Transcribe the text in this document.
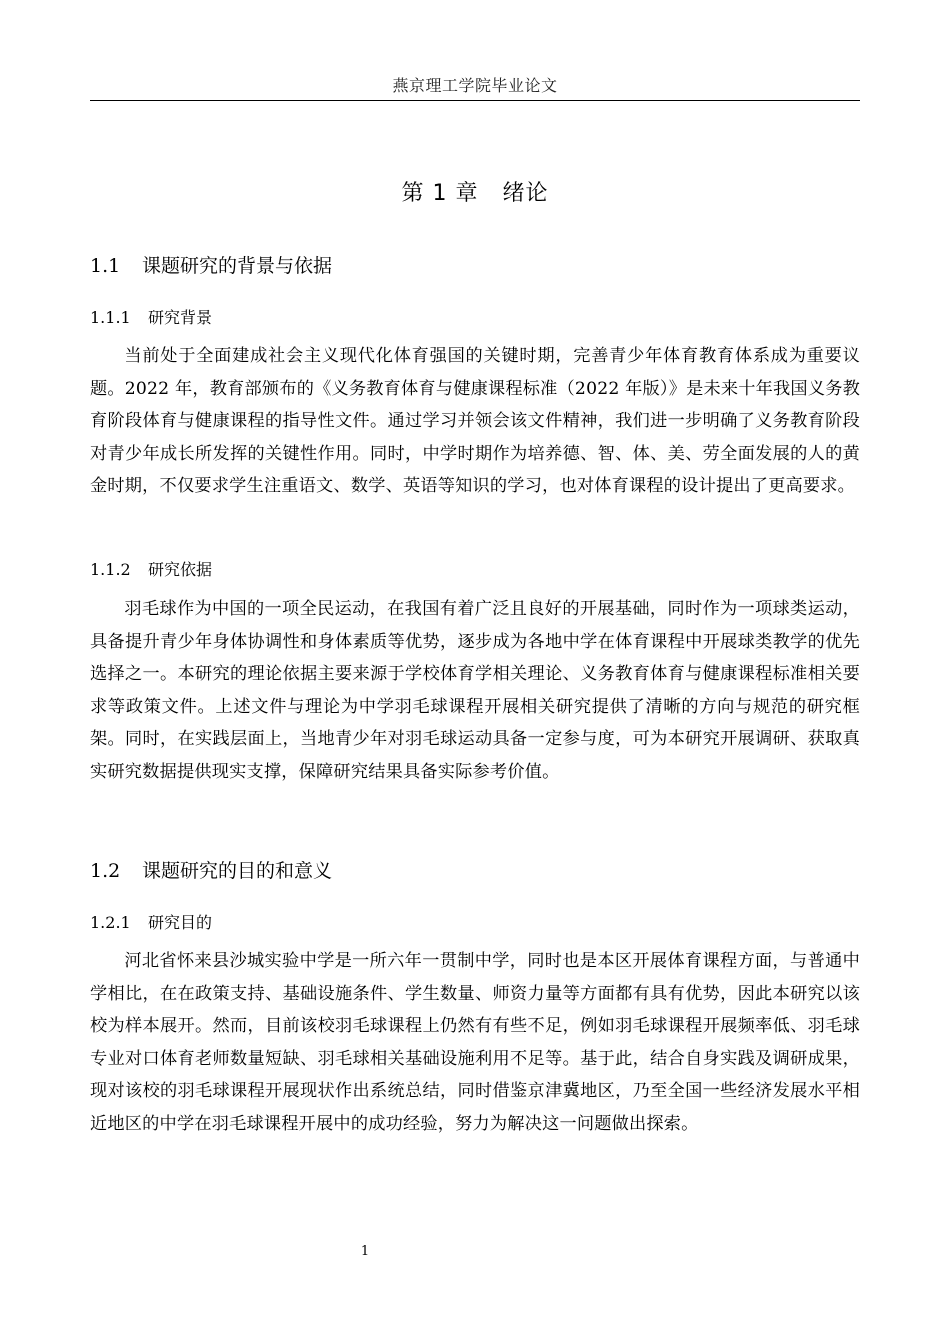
燕京理工学院毕业论文
第 1 章 绪论
1.1 课题研究的背景与依据
1.1.1 研究背景

当前处于全面建成社会主义现代化体育强国的关键时期，完善青少年体育教育体系成为重要议题。2022 年，教育部颁布的《义务教育体育与健康课程标准（2022 年版）》是未来十年我国义务教育阶段体育与健康课程的指导性文件。通过学习并领会该文件精神，我们进一步明确了义务教育阶段对青少年成长所发挥的关键性作用。同时，中学时期作为培养德、智、体、美、劳全面发展的人的黄金时期，不仅要求学生注重语文、数学、英语等知识的学习，也对体育课程的设计提出了更高要求。

1.1.2 研究依据

羽毛球作为中国的一项全民运动，在我国有着广泛且良好的开展基础，同时作为一项球类运动，具备提升青少年身体协调性和身体素质等优势，逐步成为各地中学在体育课程中开展球类教学的优先选择之一。本研究的理论依据主要来源于学校体育学相关理论、义务教育体育与健康课程标准相关要求等政策文件。上述文件与理论为中学羽毛球课程开展相关研究提供了清晰的方向与规范的研究框架。同时，在实践层面上，当地青少年对羽毛球运动具备一定参与度，可为本研究开展调研、获取真实研究数据提供现实支撑，保障研究结果具备实际参考价值。

1.2 课题研究的目的和意义
1.2.1 研究目的

河北省怀来县沙城实验中学是一所六年一贯制中学，同时也是本区开展体育课程方面，与普通中学相比，在在政策支持、基础设施条件、学生数量、师资力量等方面都有具有优势，因此本研究以该校为样本展开。然而，目前该校羽毛球课程上仍然有有些不足，例如羽毛球课程开展频率低、羽毛球专业对口体育老师数量短缺、羽毛球相关基础设施利用不足等。基于此，结合自身实践及调研成果，现对该校的羽毛球课程开展现状作出系统总结，同时借鉴京津冀地区，乃至全国一些经济发展水平相近地区的中学在羽毛球课程开展中的成功经验，努力为解决这一问题做出探索。

1
